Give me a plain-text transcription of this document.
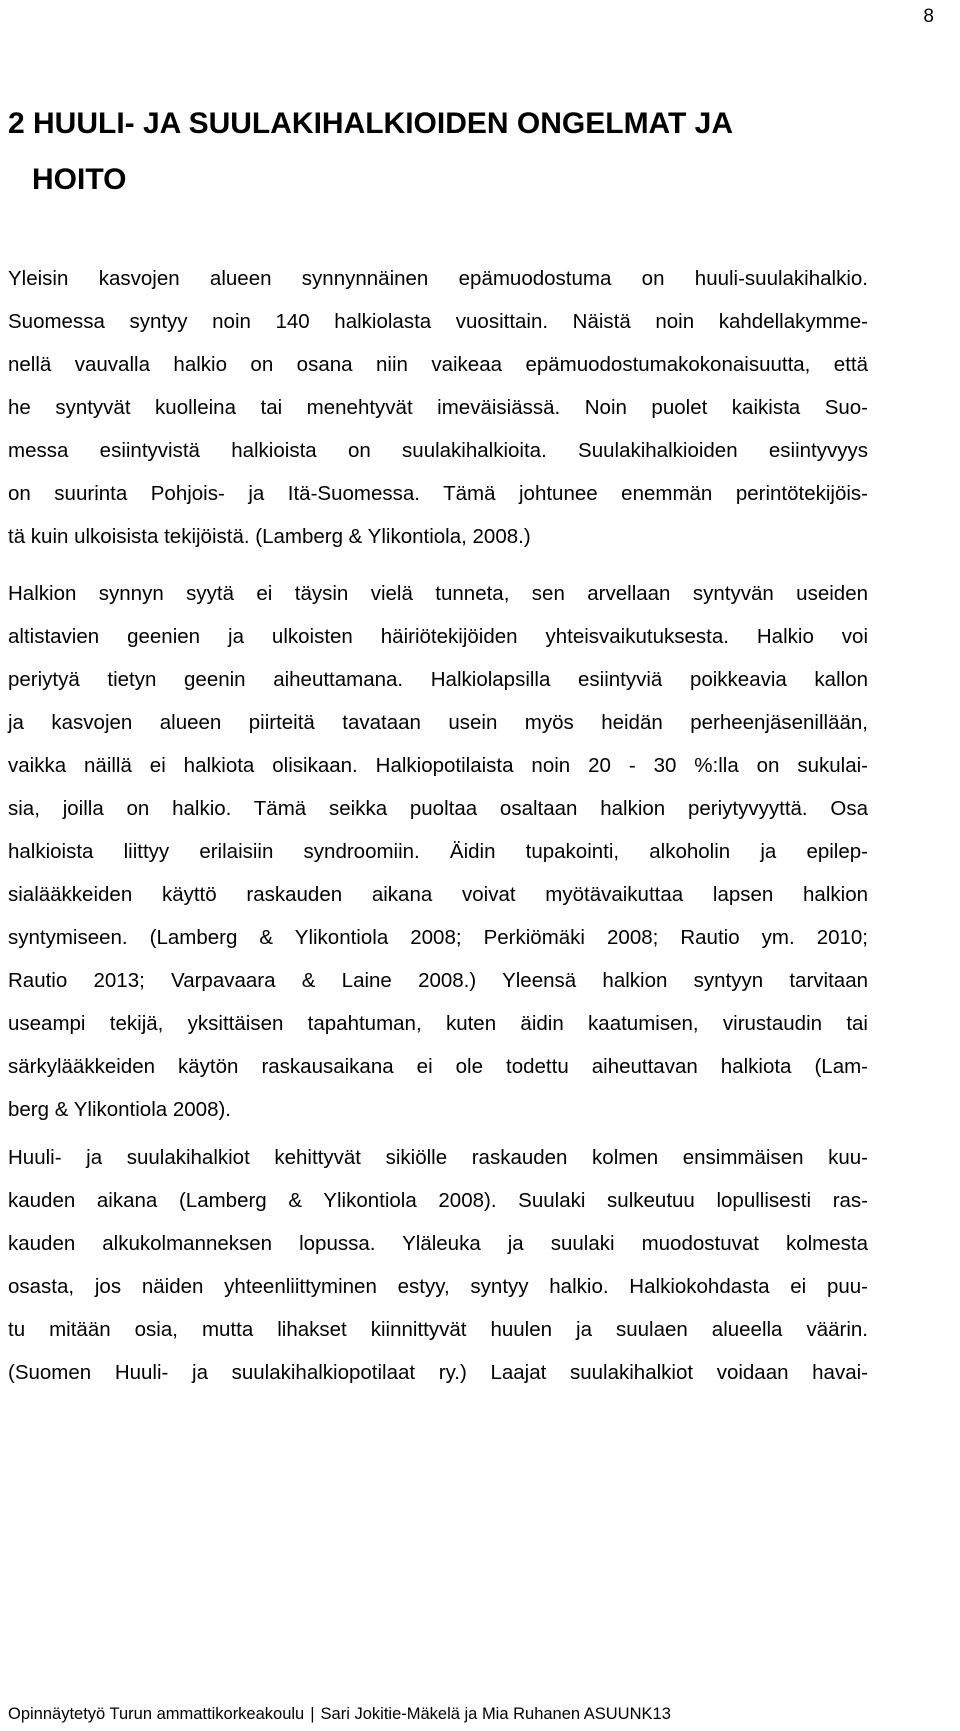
8
2 HUULI- JA SUULAKIHALKIOIDEN ONGELMAT JA
HOITO

Yleisin kasvojen alueen synnynnäinen epämuodostuma on huuli-suulakihalkio.
Suomessa syntyy noin 140 halkiolasta vuosittain. Näistä noin kahdellakymme-
nellä vauvalla halkio on osana niin vaikeaa epämuodostumakokonaisuutta, että
he syntyvät kuolleina tai menehtyvät imeväisiässä. Noin puolet kaikista Suo-
messa esiintyvistä halkioista on suulakihalkioita. Suulakihalkioiden esiintyvyys
on suurinta Pohjois- ja Itä-Suomessa. Tämä johtunee enemmän perintötekijöis-
tä kuin ulkoisista tekijöistä. (Lamberg & Ylikontiola, 2008.)

Halkion synnyn syytä ei täysin vielä tunneta, sen arvellaan syntyvän useiden
altistavien geenien ja ulkoisten häiriötekijöiden yhteisvaikutuksesta. Halkio voi
periytyä tietyn geenin aiheuttamana. Halkiolapsilla esiintyviä poikkeavia kallon
ja kasvojen alueen piirteitä tavataan usein myös heidän perheenjäsenillään,
vaikka näillä ei halkiota olisikaan. Halkiopotilaista noin 20 - 30 %:lla on sukulai-
sia, joilla on halkio. Tämä seikka puoltaa osaltaan halkion periytyvyyttä. Osa
halkioista liittyy erilaisiin syndroomiin. Äidin tupakointi, alkoholin ja epilep-
sialääkkeiden käyttö raskauden aikana voivat myötävaikuttaa lapsen halkion
syntymiseen. (Lamberg & Ylikontiola 2008; Perkiömäki 2008; Rautio ym. 2010;
Rautio 2013; Varpavaara & Laine 2008.) Yleensä halkion syntyyn tarvitaan
useampi tekijä, yksittäisen tapahtuman, kuten äidin kaatumisen, virustaudin tai
särkylääkkeiden käytön raskausaikana ei ole todettu aiheuttavan halkiota (Lam-
berg & Ylikontiola 2008).

Huuli- ja suulakihalkiot kehittyvät sikiölle raskauden kolmen ensimmäisen kuu-
kauden aikana (Lamberg & Ylikontiola 2008). Suulaki sulkeutuu lopullisesti ras-
kauden alkukolmanneksen lopussa. Yläleuka ja suulaki muodostuvat kolmesta
osasta, jos näiden yhteenliittyminen estyy, syntyy halkio. Halkiokohdasta ei puu-
tu mitään osia, mutta lihakset kiinnittyvät huulen ja suulaen alueella väärin.
(Suomen Huuli- ja suulakihalkiopotilaat ry.) Laajat suulakihalkiot voidaan havai-

Opinnäytetyö Turun ammattikorkeakoulu | Sari Jokitie-Mäkelä ja Mia Ruhanen ASUUNK13
